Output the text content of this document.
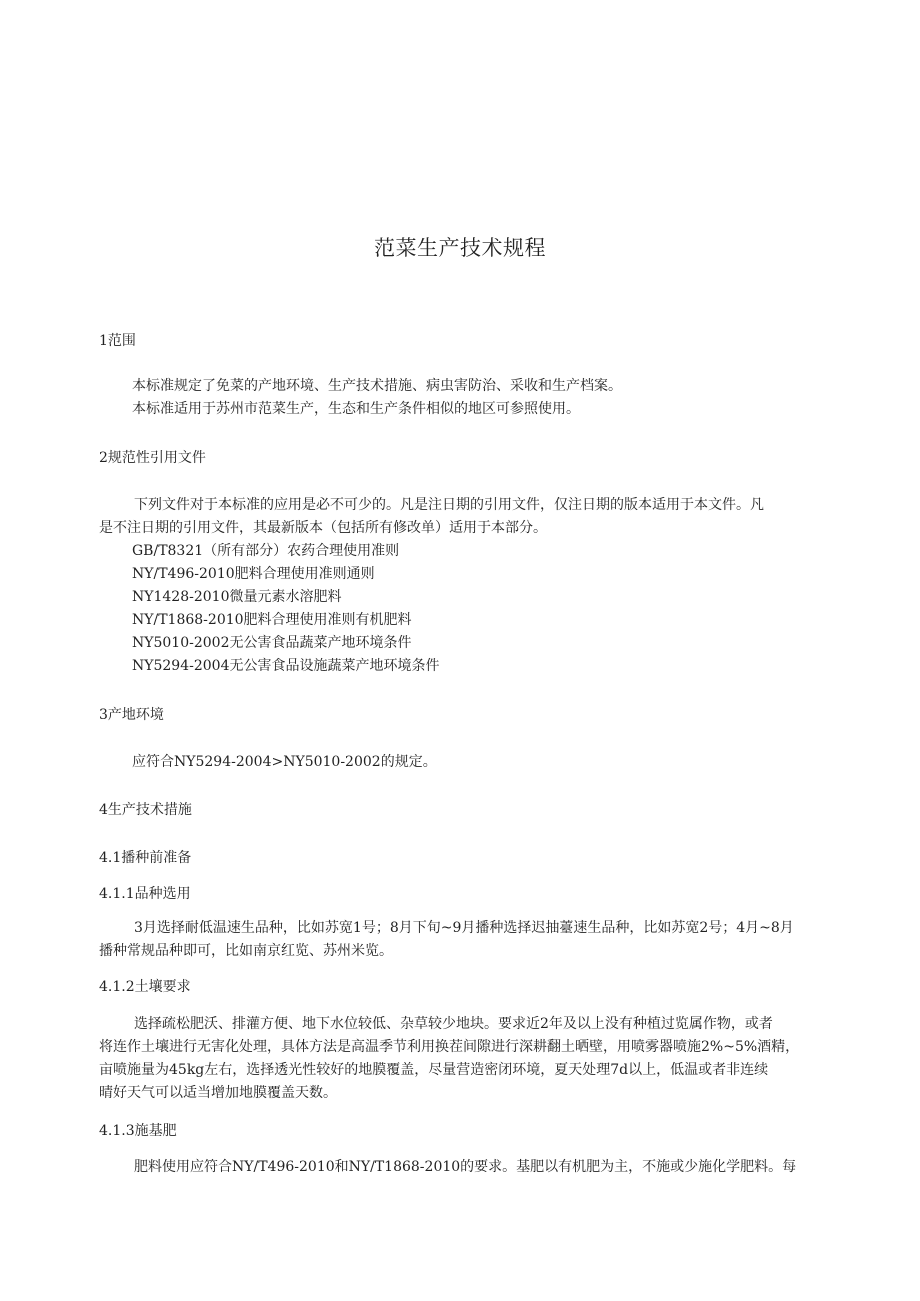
范菜生产技术规程
1范围
本标准规定了免菜的产地环境、生产技术措施、病虫害防治、采收和生产档案。
本标准适用于苏州市范菜生产，生态和生产条件相似的地区可参照使用。
2规范性引用文件
下列文件对于本标准的应用是必不可少的。凡是注日期的引用文件，仅注日期的版本适用于本文件。凡
是不注日期的引用文件，其最新版本（包括所有修改单）适用于本部分。
GB/T8321（所有部分）农药合理使用准则
NY/T496-2010肥料合理使用准则通则
NY1428-2010微量元素水溶肥料
NY/T1868-2010肥料合理使用准则有机肥料
NY5010-2002无公害食品蔬菜产地环境条件
NY5294-2004无公害食品设施蔬菜产地环境条件
3产地环境
应符合NY5294-2004>NY5010-2002的规定。
4生产技术措施
4.1播种前准备
4.1.1品种选用
3月选择耐低温速生品种，比如苏宽1号；8月下旬~9月播种选择迟抽薹速生品种，比如苏宽2号；4月~8月
播种常规品种即可，比如南京红览、苏州米览。
4.1.2土壤要求
选择疏松肥沃、排灌方便、地下水位较低、杂草较少地块。要求近2年及以上没有种植过览属作物，或者
将连作土壤进行无害化处理，具体方法是高温季节利用换茬间隙进行深耕翻土晒壁，用喷雾器喷施2%~5%酒精，
亩喷施量为45kg左右，选择透光性较好的地膜覆盖，尽量营造密闭环境，夏天处理7d以上，低温或者非连续
晴好天气可以适当增加地膜覆盖天数。
4.1.3施基肥
肥料使用应符合NY/T496-2010和NY/T1868-2010的要求。基肥以有机肥为主，不施或少施化学肥料。每
